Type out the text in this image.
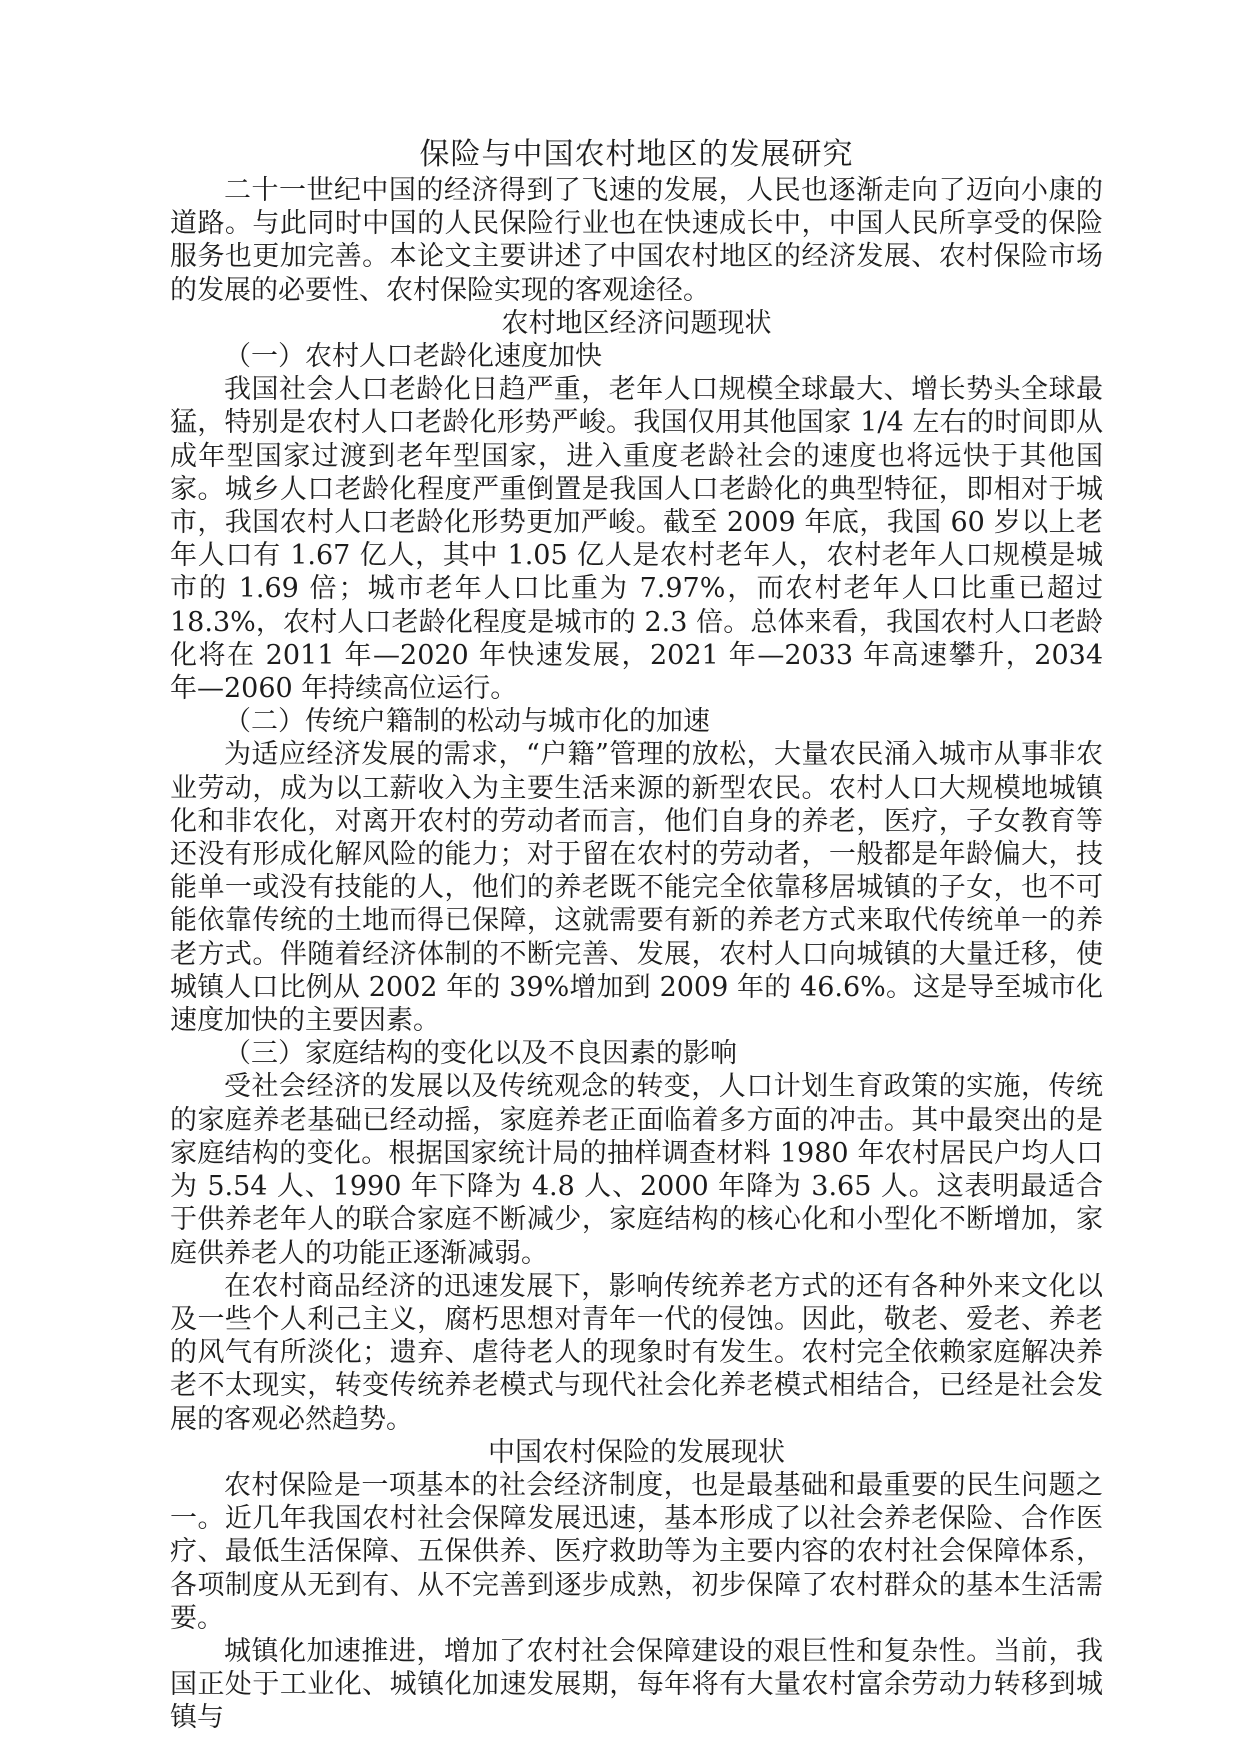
保险与中国农村地区的发展研究

二十一世纪中国的经济得到了飞速的发展，人民也逐渐走向了迈向小康的道路。与此同时中国的人民保险行业也在快速成长中，中国人民所享受的保险服务也更加完善。本论文主要讲述了中国农村地区的经济发展、农村保险市场的发展的必要性、农村保险实现的客观途径。

农村地区经济问题现状

（一）农村人口老龄化速度加快

我国社会人口老龄化日趋严重，老年人口规模全球最大、增长势头全球最猛，特别是农村人口老龄化形势严峻。我国仅用其他国家 1/4 左右的时间即从成年型国家过渡到老年型国家，进入重度老龄社会的速度也将远快于其他国家。城乡人口老龄化程度严重倒置是我国人口老龄化的典型特征，即相对于城市，我国农村人口老龄化形势更加严峻。截至 2009 年底，我国 60 岁以上老年人口有 1.67 亿人，其中 1.05 亿人是农村老年人，农村老年人口规模是城市的 1.69 倍；城市老年人口比重为 7.97%，而农村老年人口比重已超过 18.3%，农村人口老龄化程度是城市的 2.3 倍。总体来看，我国农村人口老龄化将在 2011 年—2020 年快速发展，2021 年—2033 年高速攀升，2034 年—2060 年持续高位运行。

（二）传统户籍制的松动与城市化的加速

为适应经济发展的需求，“户籍”管理的放松，大量农民涌入城市从事非农业劳动，成为以工薪收入为主要生活来源的新型农民。农村人口大规模地城镇化和非农化，对离开农村的劳动者而言，他们自身的养老，医疗，子女教育等还没有形成化解风险的能力；对于留在农村的劳动者，一般都是年龄偏大，技能单一或没有技能的人，他们的养老既不能完全依靠移居城镇的子女，也不可能依靠传统的土地而得已保障，这就需要有新的养老方式来取代传统单一的养老方式。伴随着经济体制的不断完善、发展，农村人口向城镇的大量迁移，使城镇人口比例从 2002 年的 39%增加到 2009 年的 46.6%。这是导至城市化速度加快的主要因素。

（三）家庭结构的变化以及不良因素的影响

受社会经济的发展以及传统观念的转变，人口计划生育政策的实施，传统的家庭养老基础已经动摇，家庭养老正面临着多方面的冲击。其中最突出的是家庭结构的变化。根据国家统计局的抽样调查材料 1980 年农村居民户均人口为 5.54 人、1990 年下降为 4.8 人、2000 年降为 3.65 人。这表明最适合于供养老年人的联合家庭不断减少，家庭结构的核心化和小型化不断增加，家庭供养老人的功能正逐渐减弱。

在农村商品经济的迅速发展下，影响传统养老方式的还有各种外来文化以及一些个人利己主义，腐朽思想对青年一代的侵蚀。因此，敬老、爱老、养老的风气有所淡化；遗弃、虐待老人的现象时有发生。农村完全依赖家庭解决养老不太现实，转变传统养老模式与现代社会化养老模式相结合，已经是社会发展的客观必然趋势。

中国农村保险的发展现状

农村保险是一项基本的社会经济制度，也是最基础和最重要的民生问题之一。近几年我国农村社会保障发展迅速，基本形成了以社会养老保险、合作医疗、最低生活保障、五保供养、医疗救助等为主要内容的农村社会保障体系，各项制度从无到有、从不完善到逐步成熟，初步保障了农村群众的基本生活需要。

城镇化加速推进，增加了农村社会保障建设的艰巨性和复杂性。当前，我国正处于工业化、城镇化加速发展期，每年将有大量农村富余劳动力转移到城镇与
